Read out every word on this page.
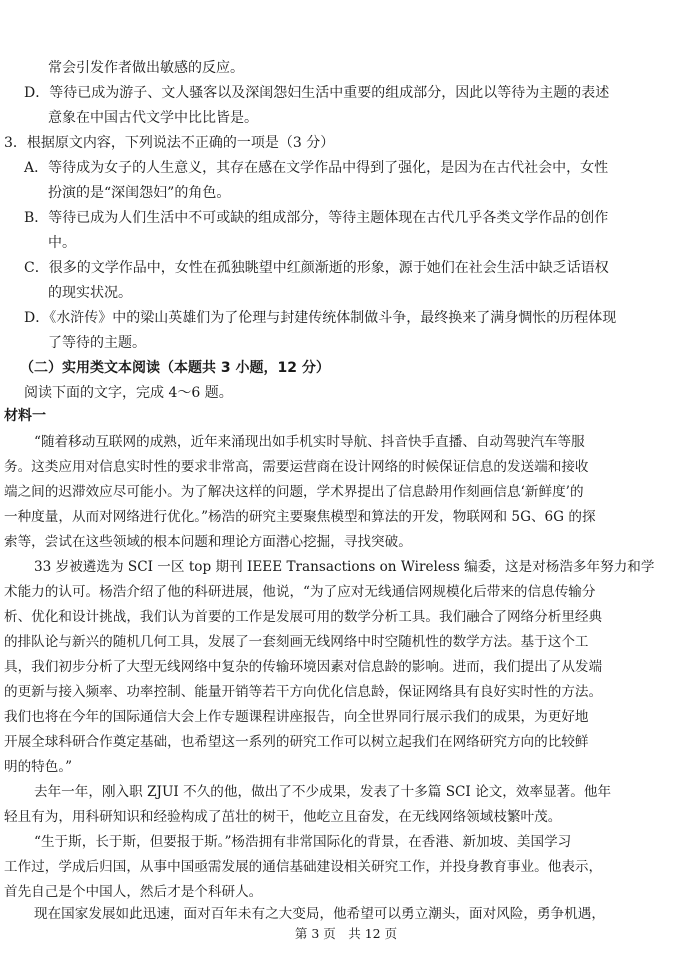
常会引发作者做出敏感的反应。
D．等待已成为游子、文人骚客以及深闺怨妇生活中重要的组成部分，因此以等待为主题的表述
意象在中国古代文学中比比皆是。
3．根据原文内容，下列说法不正确的一项是（3 分）
A．等待成为女子的人生意义，其存在感在文学作品中得到了强化，是因为在古代社会中，女性
扮演的是“深闺怨妇”的角色。
B．等待已成为人们生活中不可或缺的组成部分，等待主题体现在古代几乎各类文学作品的创作
中。
C．很多的文学作品中，女性在孤独眺望中红颜渐逝的形象，源于她们在社会生活中缺乏话语权
的现实状况。
D．《水浒传》中的梁山英雄们为了伦理与封建传统体制做斗争，最终换来了满身惆怅的历程体现
了等待的主题。
（二）实用类文本阅读（本题共 3 小题，12 分）
阅读下面的文字，完成 4～6 题。
材料一
“随着移动互联网的成熟，近年来涌现出如手机实时导航、抖音快手直播、自动驾驶汽车等服
务。这类应用对信息实时性的要求非常高，需要运营商在设计网络的时候保证信息的发送端和接收
端之间的迟滞效应尽可能小。为了解决这样的问题，学术界提出了信息龄用作刻画信息‘新鲜度’的
一种度量，从而对网络进行优化。”杨浩的研究主要聚焦模型和算法的开发，物联网和 5G、6G 的探
索等，尝试在这些领域的根本问题和理论方面潜心挖掘，寻找突破。
33 岁被遴选为 SCI 一区 top 期刊 IEEE Transactions on Wireless 编委，这是对杨浩多年努力和学
术能力的认可。杨浩介绍了他的科研进展，他说，“为了应对无线通信网规模化后带来的信息传输分
析、优化和设计挑战，我们认为首要的工作是发展可用的数学分析工具。我们融合了网络分析里经典
的排队论与新兴的随机几何工具，发展了一套刻画无线网络中时空随机性的数学方法。基于这个工
具，我们初步分析了大型无线网络中复杂的传输环境因素对信息龄的影响。进而，我们提出了从发端
的更新与接入频率、功率控制、能量开销等若干方向优化信息龄，保证网络具有良好实时性的方法。
我们也将在今年的国际通信大会上作专题课程讲座报告，向全世界同行展示我们的成果，为更好地
开展全球科研合作奠定基础，也希望这一系列的研究工作可以树立起我们在网络研究方向的比较鲜
明的特色。”
去年一年，刚入职 ZJUI 不久的他，做出了不少成果，发表了十多篇 SCI 论文，效率显著。他年
轻且有为，用科研知识和经验构成了茁壮的树干，他屹立且奋发，在无线网络领域枝繁叶茂。
“生于斯，长于斯，但要报于斯。”杨浩拥有非常国际化的背景，在香港、新加坡、美国学习
工作过，学成后归国，从事中国亟需发展的通信基础建设相关研究工作，并投身教育事业。他表示，
首先自己是个中国人，然后才是个科研人。
现在国家发展如此迅速，面对百年未有之大变局，他希望可以勇立潮头，面对风险，勇争机遇，
第 3 页　共 12 页
